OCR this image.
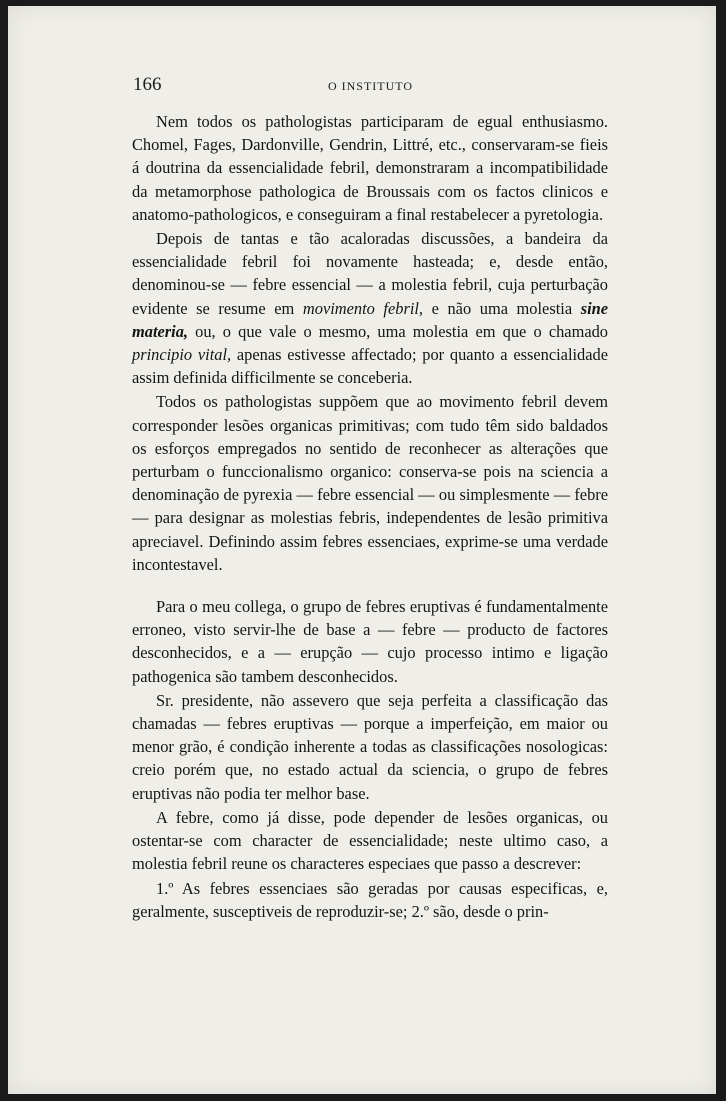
166	O INSTITUTO

Nem todos os pathologistas participaram de egual enthusiasmo. Chomel, Fages, Dardonville, Gendrin, Littré, etc., conservaram-se fieis á doutrina da essencialidade febril, demonstraram a incompatibilidade da metamorphose pathologica de Broussais com os factos clinicos e anatomo-pathologicos, e conseguiram a final restabelecer a pyretologia.

Depois de tantas e tão acaloradas discussões, a bandeira da essencialidade febril foi novamente hasteada; e, desde então, denominou-se — febre essencial — a molestia febril, cuja perturbação evidente se resume em movimento febril, e não uma molestia sine materia, ou, o que vale o mesmo, uma molestia em que o chamado principio vital, apenas estivesse affectado; por quanto a essencialidade assim definida difficilmente se conceberia.

Todos os pathologistas suppõem que ao movimento febril devem corresponder lesões organicas primitivas; com tudo têm sido baldados os esforços empregados no sentido de reconhecer as alterações que perturbam o funccionalismo organico: conserva-se pois na sciencia a denominação de pyrexia — febre essencial — ou simplesmente — febre — para designar as molestias febris, independentes de lesão primitiva apreciavel. Definindo assim febres essenciaes, exprime-se uma verdade incontestavel.

Para o meu collega, o grupo de febres eruptivas é fundamentalmente erroneo, visto servir-lhe de base a — febre — producto de factores desconhecidos, e a — erupção — cujo processo intimo e ligação pathogenica são tambem desconhecidos.

Sr. presidente, não assevero que seja perfeita a classificação das chamadas — febres eruptivas — porque a imperfeição, em maior ou menor grão, é condição inherente a todas as classificações nosologicas: creio porém que, no estado actual da sciencia, o grupo de febres eruptivas não podia ter melhor base.

A febre, como já disse, pode depender de lesões organicas, ou ostentar-se com character de essencialidade; neste ultimo caso, a molestia febril reune os characteres especiaes que passo a descrever:

1.º As febres essenciaes são geradas por causas especificas, e, geralmente, susceptiveis de reproduzir-se; 2.º são, desde o prin-
